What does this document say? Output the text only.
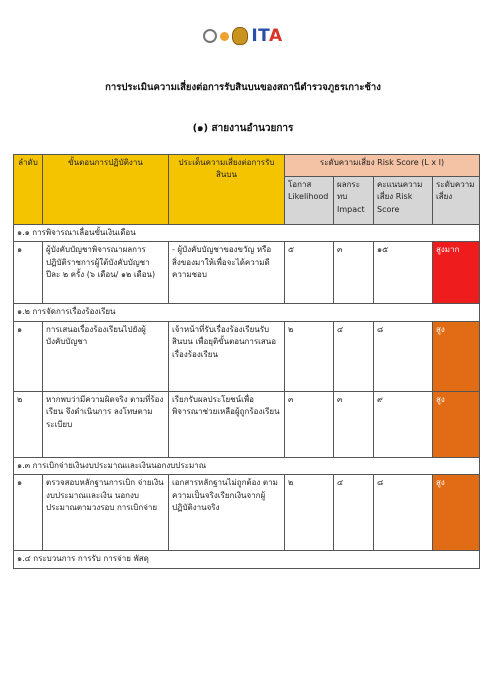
ITA
การประเมินความเสี่ยงต่อการรับสินบนของสถานีตำรวจภูธรเกาะช้าง
(๑) สายงานอำนวยการ
ลำดับ	ขั้นตอนการปฏิบัติงาน	ประเด็นความเสี่ยงต่อการรับสินบน	ระดับความเสี่ยง Risk Score (L x I)			
			โอกาส Likelihood	ผลกระทบ Impact	คะแนนความเสี่ยง Risk Score	ระดับความเสี่ยง
๑.๑ การพิจารณาเลื่อนขั้นเงินเดือน						
๑	ผู้บังคับบัญชาพิจารณาผลการ ปฏิบัติราชการผู้ใต้บังคับบัญชา ปีละ ๒ ครั้ง (๖ เดือน/ ๑๒ เดือน)	- ผู้บังคับบัญชาของขวัญ หรือสิ่งของมาให้เพื่อจะได้ความดีความชอบ	๕	๓	๑๕	สูงมาก
๑.๒ การจัดการเรื่องร้องเรียน						
๑	การเสนอเรื่องร้องเรียนไปยังผู้บังคับบัญชา	เจ้าหน้าที่รับเรื่องร้องเรียนรับสินบน เพื่อยุติขั้นตอนการเสนอเรื่องร้องเรียน	๒	๔	๘	สูง
๒	หากพบว่ามีความผิดจริง ตามที่ร้องเรียน จึงดำเนินการ ลงโทษตามระเบียบ	เรียกรับผลประโยชน์เพื่อพิจารณาช่วยเหลือผู้ถูกร้องเรียน	๓	๓	๙	สูง
๑.๓ การเบิกจ่ายเงินงบประมาณและเงินนอกงบประมาณ						
๑	ตรวจสอบหลักฐานการเบิก จ่ายเงินงบประมาณและเงิน นอกงบประมาณตามวงรอบ การเบิกจ่าย	เอกสารหลักฐานไม่ถูกต้อง ตามความเป็นจริงเรียกเงินจากผู้ปฏิบัติงานจริง	๒	๔	๘	สูง
๑.๔ กระบวนการ การรับ การจ่าย พัสดุ						
